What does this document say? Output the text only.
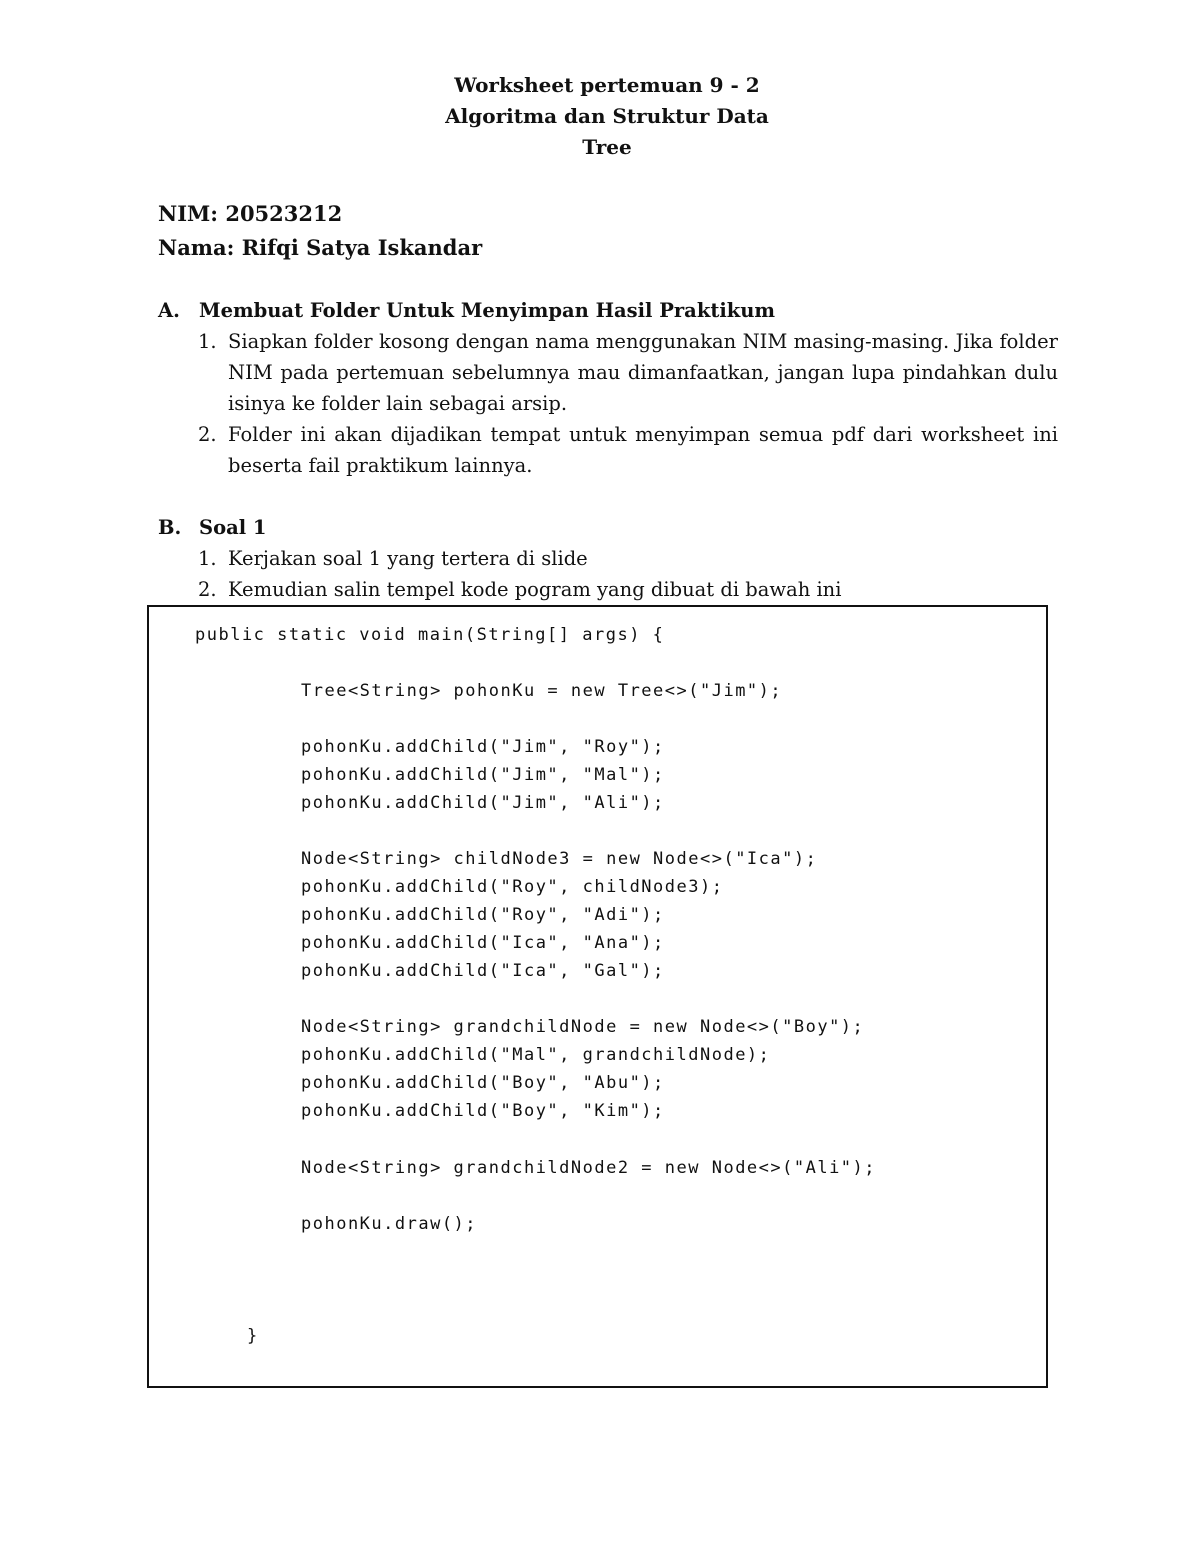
Worksheet pertemuan 9 - 2
Algoritma dan Struktur Data
Tree
NIM: 20523212
Nama: Rifqi Satya Iskandar
A. Membuat Folder Untuk Menyimpan Hasil Praktikum
1. Siapkan folder kosong dengan nama menggunakan NIM masing-masing. Jika folder NIM pada pertemuan sebelumnya mau dimanfaatkan, jangan lupa pindahkan dulu isinya ke folder lain sebagai arsip.
2. Folder ini akan dijadikan tempat untuk menyimpan semua pdf dari worksheet ini beserta fail praktikum lainnya.
B. Soal 1
1. Kerjakan soal 1 yang tertera di slide
2. Kemudian salin tempel kode pogram yang dibuat di bawah ini
public static void main(String[] args) {
Tree<String> pohonKu = new Tree<>("Jim");
pohonKu.addChild("Jim", "Roy");
pohonKu.addChild("Jim", "Mal");
pohonKu.addChild("Jim", "Ali");
Node<String> childNode3 = new Node<>("Ica");
pohonKu.addChild("Roy", childNode3);
pohonKu.addChild("Roy", "Adi");
pohonKu.addChild("Ica", "Ana");
pohonKu.addChild("Ica", "Gal");
Node<String> grandchildNode = new Node<>("Boy");
pohonKu.addChild("Mal", grandchildNode);
pohonKu.addChild("Boy", "Abu");
pohonKu.addChild("Boy", "Kim");
Node<String> grandchildNode2 = new Node<>("Ali");
pohonKu.draw();
}
